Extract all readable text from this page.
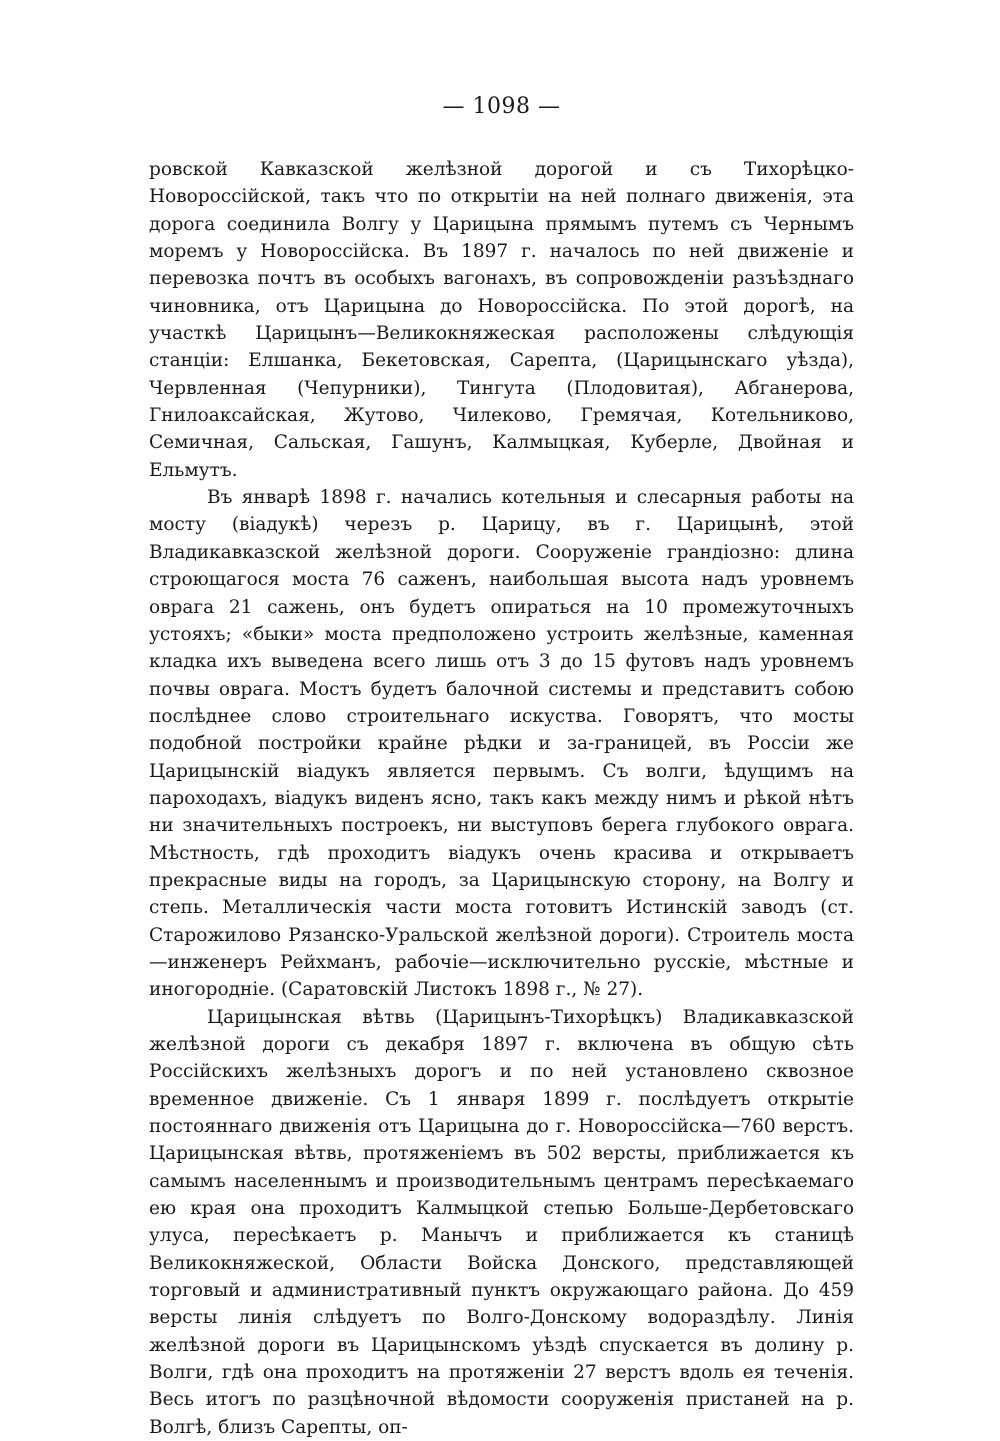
— 1098 —

ровской Кавказской желѣзной дорогой и съ Тихорѣцко-Новороссійской, такъ что по открытіи на ней полнаго движенія, эта дорога соединила Волгу у Царицына прямымъ путемъ съ Чернымъ моремъ у Новороссійска. Въ 1897 г. началось по ней движеніе и перевозка почтъ въ особыхъ вагонахъ, въ сопровожденіи разъѣзднаго чиновника, отъ Царицына до Новороссійска. По этой дорогѣ, на участкѣ Царицынъ—Великокняжеская расположены слѣдующія станціи: Елшанка, Бекетовская, Сарепта, (Царицынскаго уѣзда), Червленная (Чепурники), Тингута (Плодовитая), Абганерова, Гнилоаксайская, Жутово, Чилеково, Гремячая, Котельниково, Семичная, Сальская, Гашунъ, Калмыцкая, Куберле, Двойная и Ельмутъ.

Въ январѣ 1898 г. начались котельныя и слесарныя работы на мосту (віадукѣ) черезъ р. Царицу, въ г. Царицынѣ, этой Владикавказской желѣзной дороги. Сооруженіе грандіозно: длина строющагося моста 76 саженъ, наибольшая высота надъ уровнемъ оврага 21 сажень, онъ будетъ опираться на 10 промежуточныхъ устояхъ; «быки» моста предположено устроить желѣзные, каменная кладка ихъ выведена всего лишь отъ 3 до 15 футовъ надъ уровнемъ почвы оврага. Мостъ будетъ балочной системы и представитъ собою послѣднее слово строительнаго искуства. Говорятъ, что мосты подобной постройки крайне рѣдки и за-границей, въ Россіи же Царицынскій віадукъ является первымъ. Съ волги, ѣдущимъ на пароходахъ, віадукъ виденъ ясно, такъ какъ между нимъ и рѣкой нѣтъ ни значительныхъ построекъ, ни выступовъ берега глубокого оврага. Мѣстность, гдѣ проходитъ віадукъ очень красива и открываетъ прекрасные виды на городъ, за Царицынскую сторону, на Волгу и степь. Металлическія части моста готовитъ Истинскій заводъ (ст. Старожилово Рязанско-Уральской желѣзной дороги). Строитель моста—инженеръ Рейхманъ, рабочіе—исключительно русскіе, мѣстные и иногородніе. (Саратовскій Листокъ 1898 г., № 27).

Царицынская вѣтвь (Царицынъ-Тихорѣцкъ) Владикавказской желѣзной дороги съ декабря 1897 г. включена въ общую сѣть Россійскихъ желѣзныхъ дорогъ и по ней установлено сквозное временное движеніе. Съ 1 января 1899 г. послѣдуетъ открытіе постояннаго движенія отъ Царицына до г. Новороссійска—760 верстъ. Царицынская вѣтвь, протяженіемъ въ 502 версты, приближается къ самымъ населеннымъ и производительнымъ центрамъ пересѣкаемаго ею края она проходитъ Калмыцкой степью Больше-Дербетовскаго улуса, пересѣкаетъ р. Манычъ и приближается къ станицѣ Великокняжеской, Области Войска Донского, представляющей торговый и административный пунктъ окружающаго района. До 459 версты линія слѣдуетъ по Волго-Донскому водораздѣлу. Линія желѣзной дороги въ Царицынскомъ уѣздѣ спускается въ долину р. Волги, гдѣ она проходитъ на протяженіи 27 верстъ вдоль ея теченія. Весь итогъ по разцѣночной вѣдомости сооруженія пристаней на р. Волгѣ, близъ Сарепты, оп-
